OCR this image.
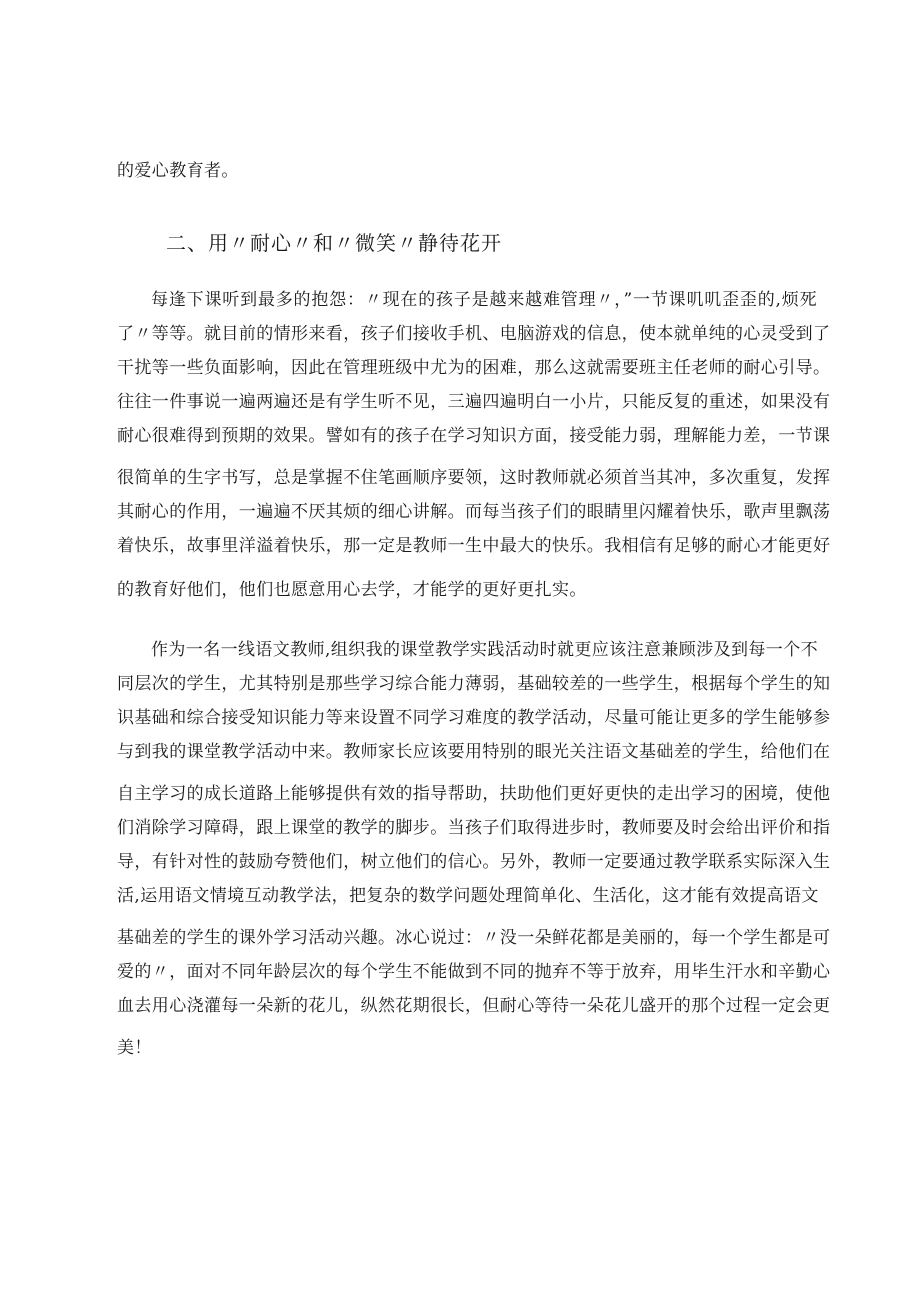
的爱心教育者。
二、用〃耐心〃和〃微笑〃静待花开
每逢下课听到最多的抱怨：〃现在的孩子是越来越难管理〃，”一节课叽叽歪歪的,烦死
了〃等等。就目前的情形来看，孩子们接收手机、电脑游戏的信息，使本就单纯的心灵受到了
干扰等一些负面影响，因此在管理班级中尤为的困难，那么这就需要班主任老师的耐心引导。
往往一件事说一遍两遍还是有学生听不见，三遍四遍明白一小片，只能反复的重述，如果没有
耐心很难得到预期的效果。譬如有的孩子在学习知识方面，接受能力弱，理解能力差，一节课
很简单的生字书写，总是掌握不住笔画顺序要领，这时教师就必须首当其冲，多次重复，发挥
其耐心的作用，一遍遍不厌其烦的细心讲解。而每当孩子们的眼睛里闪耀着快乐，歌声里飘荡
着快乐，故事里洋溢着快乐，那一定是教师一生中最大的快乐。我相信有足够的耐心才能更好
的教育好他们，他们也愿意用心去学，才能学的更好更扎实。
作为一名一线语文教师,组织我的课堂教学实践活动时就更应该注意兼顾涉及到每一个不
同层次的学生，尤其特别是那些学习综合能力薄弱，基础较差的一些学生，根据每个学生的知
识基础和综合接受知识能力等来设置不同学习难度的教学活动，尽量可能让更多的学生能够参
与到我的课堂教学活动中来。教师家长应该要用特别的眼光关注语文基础差的学生，给他们在
自主学习的成长道路上能够提供有效的指导帮助，扶助他们更好更快的走出学习的困境，使他
们消除学习障碍，跟上课堂的教学的脚步。当孩子们取得进步时，教师要及时会给出评价和指
导，有针对性的鼓励夸赞他们，树立他们的信心。另外，教师一定要通过教学联系实际深入生
活,运用语文情境互动教学法，把复杂的数学问题处理简单化、生活化，这才能有效提高语文
基础差的学生的课外学习活动兴趣。冰心说过：〃没一朵鲜花都是美丽的，每一个学生都是可
爱的〃，面对不同年龄层次的每个学生不能做到不同的抛弃不等于放弃，用毕生汗水和辛勤心
血去用心浇灌每一朵新的花儿，纵然花期很长，但耐心等待一朵花儿盛开的那个过程一定会更
美！
